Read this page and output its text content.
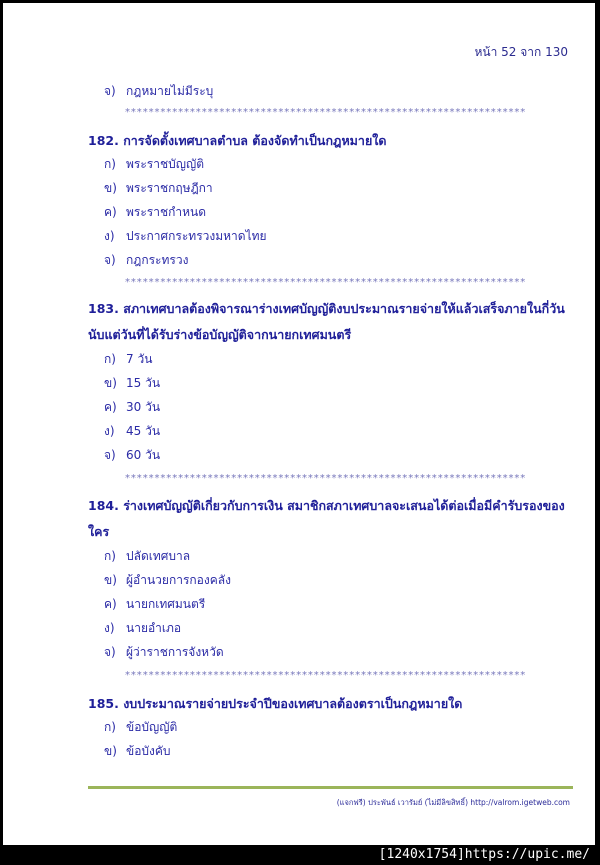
หน้า 52 จาก 130
จ) กฎหมายไม่มีระบุ
********************************************************************
182. การจัดตั้งเทศบาลตำบล ต้องจัดทำเป็นกฎหมายใด
ก) พระราชบัญญัติ
ข) พระราชกฤษฎีกา
ค) พระราชกำหนด
ง) ประกาศกระทรวงมหาดไทย
จ) กฎกระทรวง
********************************************************************
183. สภาเทศบาลต้องพิจารณาร่างเทศบัญญัติงบประมาณรายจ่ายให้แล้วเสร็จภายในกี่วันนับแต่วันที่ได้รับร่างข้อบัญญัติจากนายกเทศมนตรี
ก) 7 วัน
ข) 15 วัน
ค) 30 วัน
ง) 45 วัน
จ) 60 วัน
********************************************************************
184. ร่างเทศบัญญัติเกี่ยวกับการเงิน สมาชิกสภาเทศบาลจะเสนอได้ต่อเมื่อมีคำรับรองของใคร
ก) ปลัดเทศบาล
ข) ผู้อำนวยการกองคลัง
ค) นายกเทศมนตรี
ง) นายอำเภอ
จ) ผู้ว่าราชการจังหวัด
********************************************************************
185. งบประมาณรายจ่ายประจำปีของเทศบาลต้องตราเป็นกฎหมายใด
ก) ข้อบัญญัติ
ข) ข้อบังคับ
(แจกฟรี) ประพันธ์ เวารัมย์ (ไม่มีลิขสิทธิ์) http://valrom.igetweb.com
[1240x1754]https://upic.me/
